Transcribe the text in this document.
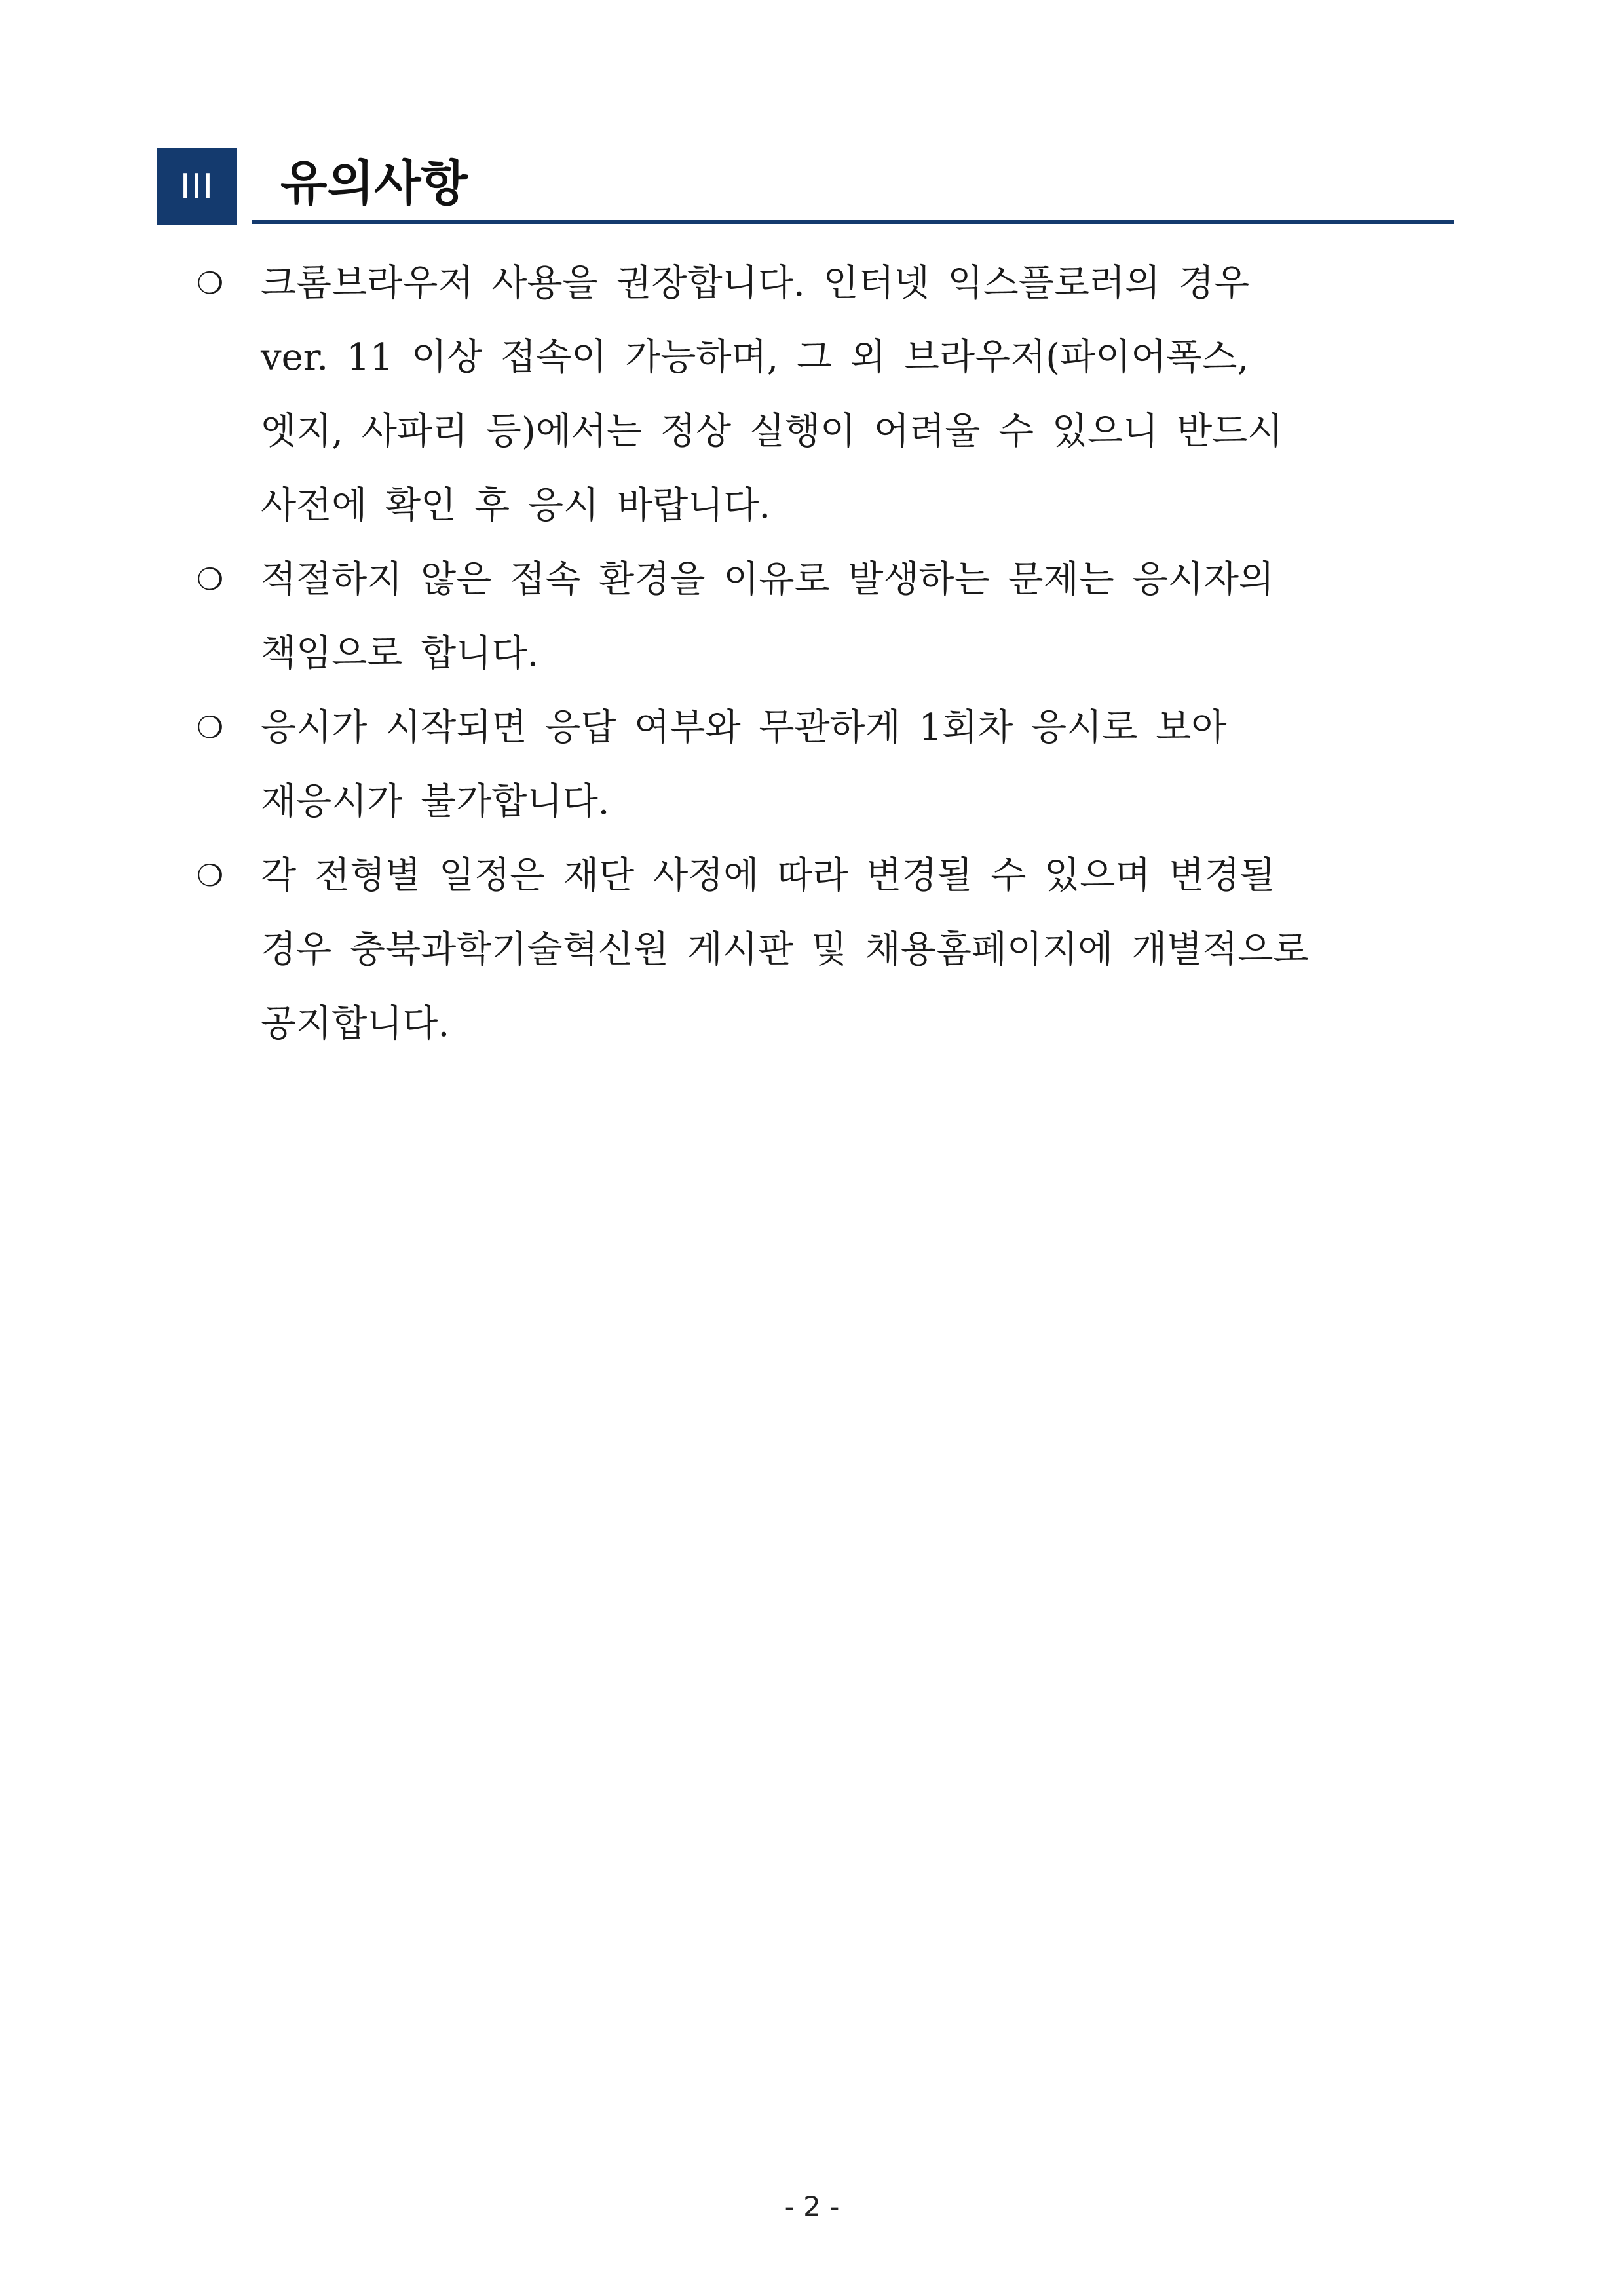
III	유의사항
❍ 크롬브라우저 사용을 권장합니다. 인터넷 익스플로러의 경우
ver. 11 이상 접속이 가능하며, 그 외 브라우저(파이어폭스,
엣지, 사파리 등)에서는 정상 실행이 어려울 수 있으니 반드시
사전에 확인 후 응시 바랍니다.
❍ 적절하지 않은 접속 환경을 이유로 발생하는 문제는 응시자의
책임으로 합니다.
❍ 응시가 시작되면 응답 여부와 무관하게 1회차 응시로 보아
재응시가 불가합니다.
❍ 각 전형별 일정은 재단 사정에 따라 변경될 수 있으며 변경될
경우 충북과학기술혁신원 게시판 및 채용홈페이지에 개별적으로
공지합니다.
- 2 -
